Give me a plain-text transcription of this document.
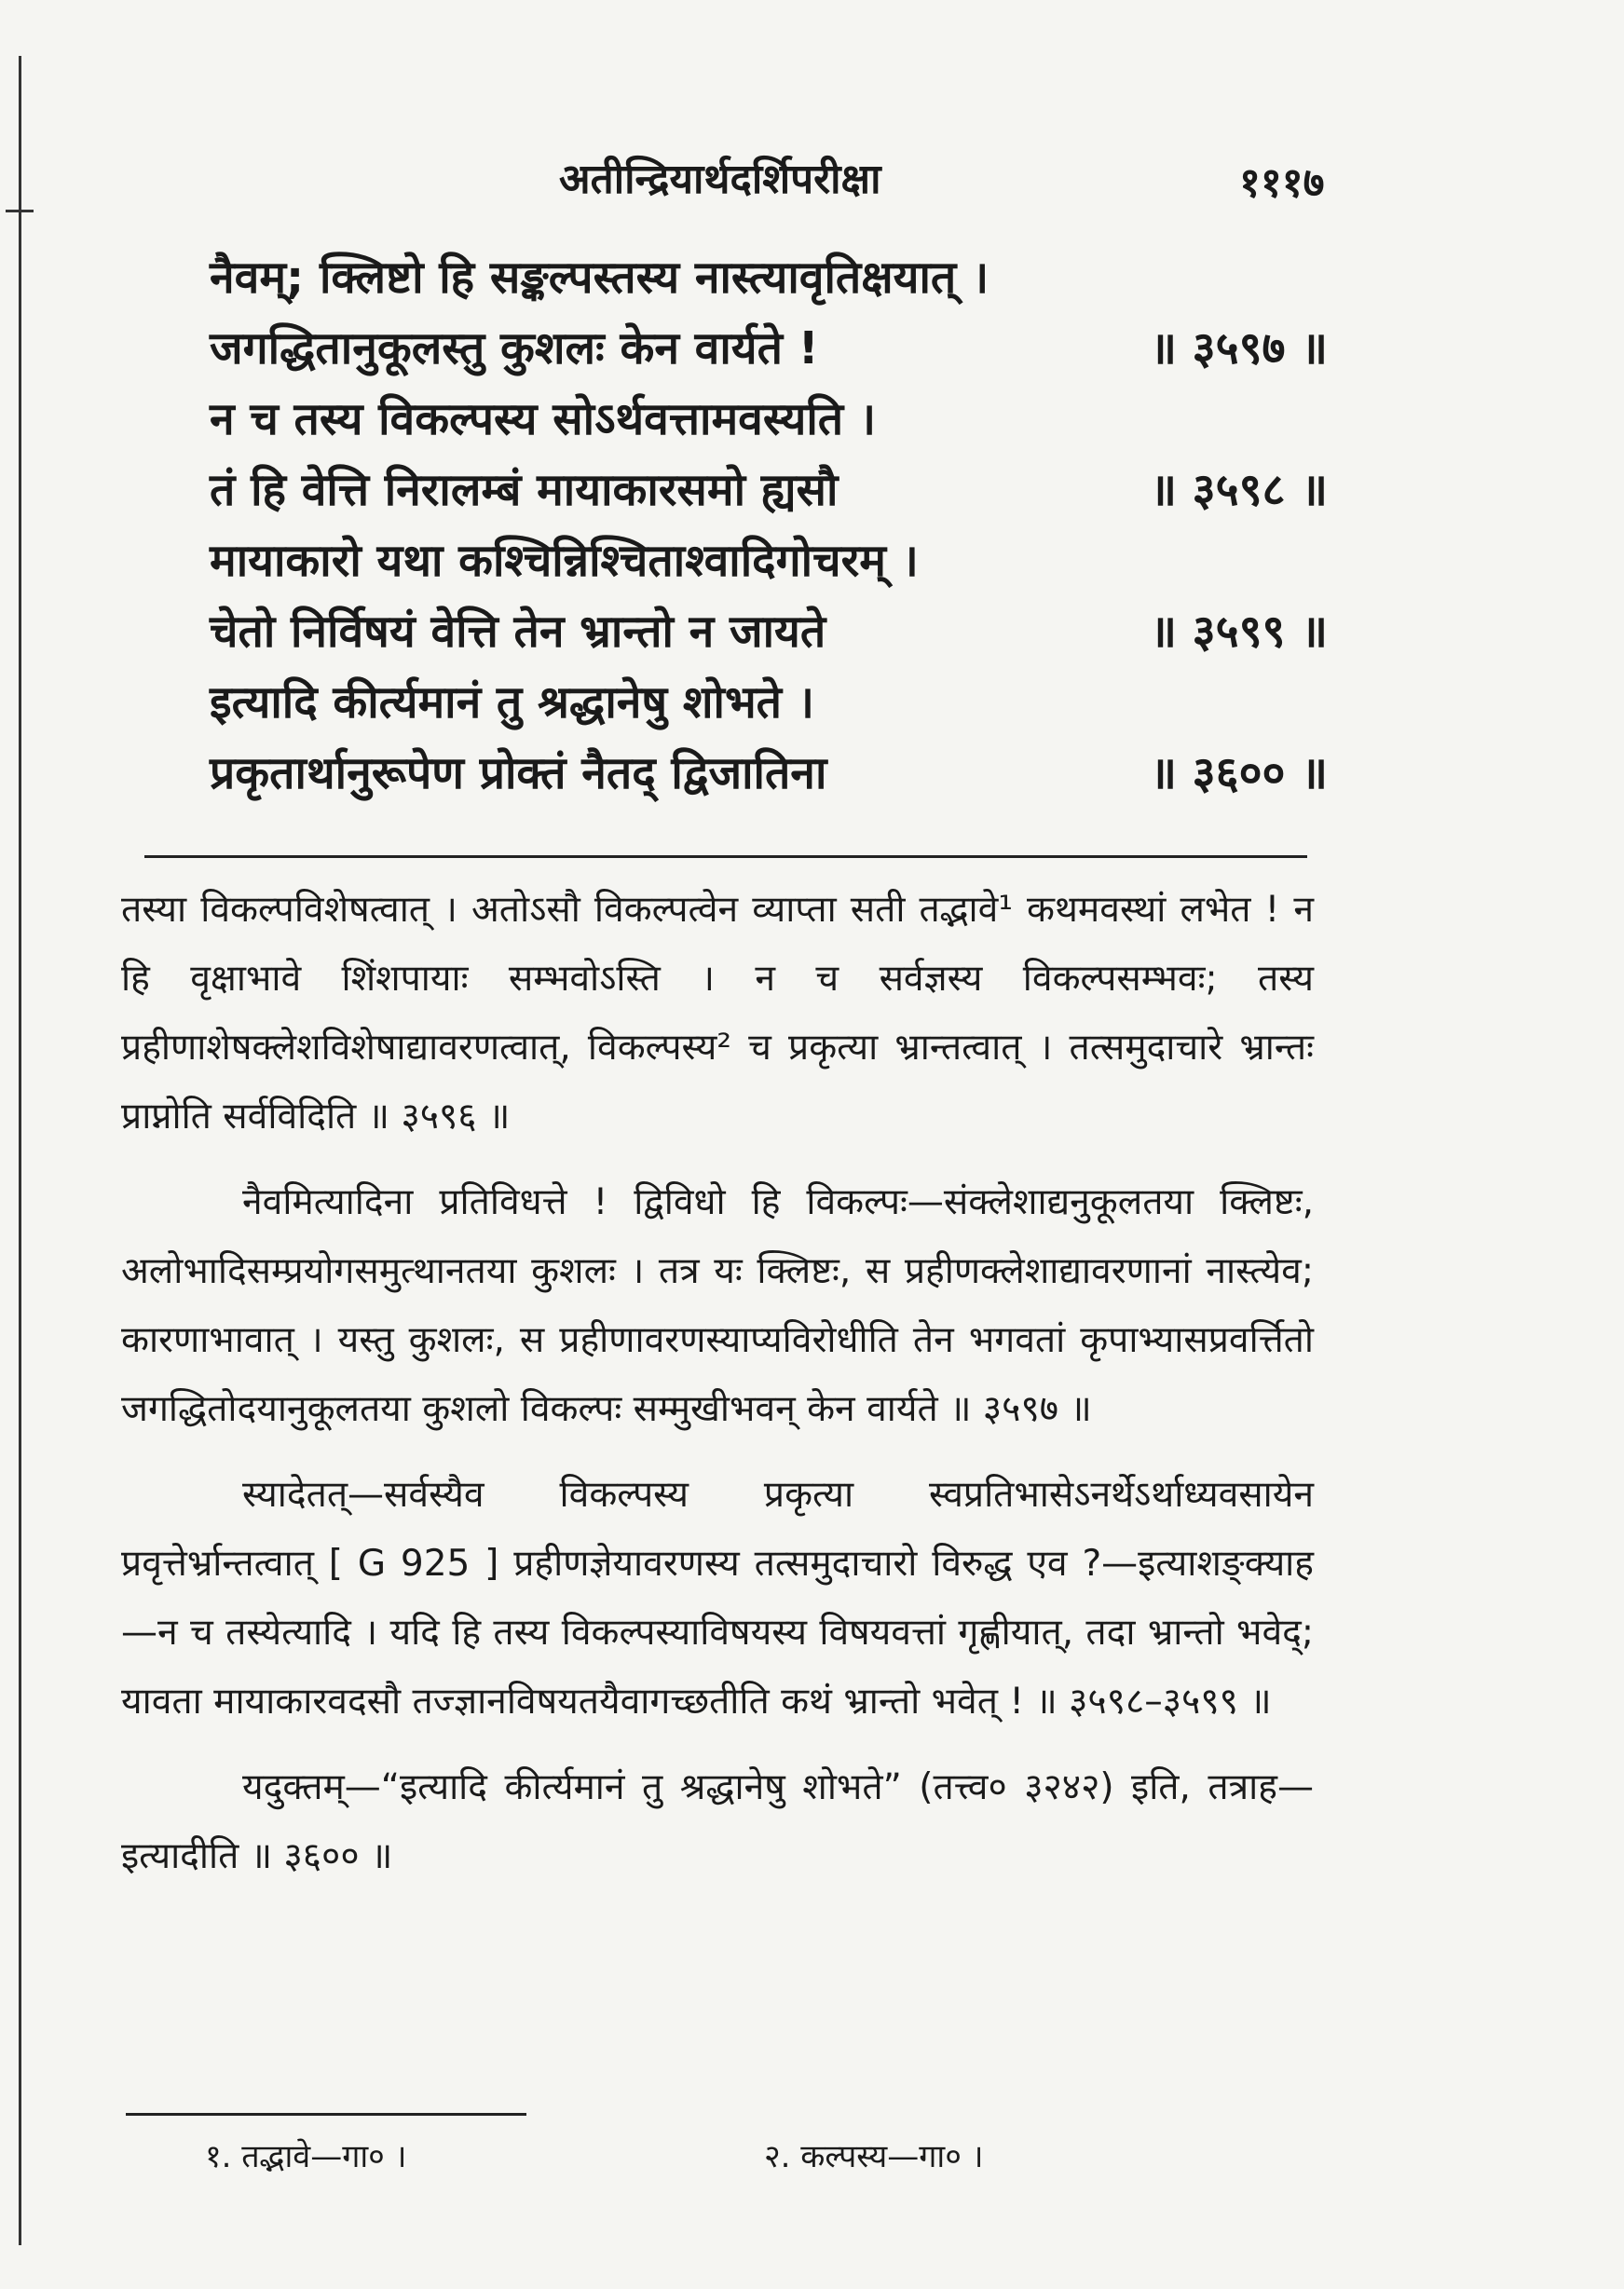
अतीन्द्रियार्थदर्शिपरीक्षा	१११७
नैवम्; क्लिष्टो हि सङ्कल्पस्तस्य नास्त्यावृतिक्षयात् ।
जगद्धितानुकूलस्तु कुशलः केन वार्यते !	॥ ३५९७ ॥
न च तस्य विकल्पस्य सोऽर्थवत्तामवस्यति ।
तं हि वेत्ति निरालम्बं मायाकारसमो ह्यसौ	॥ ३५९८ ॥
मायाकारो यथा कश्चिन्निश्चिताश्वादिगोचरम् ।
चेतो निर्विषयं वेत्ति तेन भ्रान्तो न जायते	॥ ३५९९ ॥
इत्यादि कीर्त्यमानं तु श्रद्धानेषु शोभते ।
प्रकृतार्थानुरूपेण प्रोक्तं नैतद् द्विजातिना	॥ ३६०० ॥

तस्या विकल्पविशेषत्वात् । अतोऽसौ विकल्पत्वेन व्याप्ता सती तद्भावे¹ कथमवस्थां लभेत ! न हि वृक्षाभावे शिंशपायाः सम्भवोऽस्ति । न च सर्वज्ञस्य विकल्पसम्भवः; तस्य प्रहीणाशेषक्लेशविशेषाद्यावरणत्वात्, विकल्पस्य² च प्रकृत्या भ्रान्तत्वात् । तत्समुदाचारे भ्रान्तः प्राप्नोति सर्वविदिति ॥ ३५९६ ॥

नैवमित्यादिना प्रतिविधत्ते ! द्विविधो हि विकल्पः—संक्लेशाद्यनुकूलतया क्लिष्टः, अलोभादिसम्प्रयोगसमुत्थानतया कुशलः । तत्र यः क्लिष्टः, स प्रहीणक्लेशाद्यावरणानां नास्त्येव; कारणाभावात् । यस्तु कुशलः, स प्रहीणावरणस्याप्यविरोधीति तेन भगवतां कृपाभ्यासप्रवर्त्तितो जगद्धितोदयानुकूलतया कुशलो विकल्पः सम्मुखीभवन् केन वार्यते ॥ ३५९७ ॥

स्यादेतत्—सर्वस्यैव विकल्पस्य प्रकृत्या स्वप्रतिभासेऽनर्थेऽर्थाध्यवसायेन प्रवृत्तेर्भ्रान्तत्वात् [ G 925 ] प्रहीणज्ञेयावरणस्य तत्समुदाचारो विरुद्ध एव ?—इत्याशङ्क्याह—न च तस्येत्यादि । यदि हि तस्य विकल्पस्याविषयस्य विषयवत्तां गृह्णीयात्, तदा भ्रान्तो भवेद्; यावता मायाकारवदसौ तज्ज्ञानविषयतयैवागच्छतीति कथं भ्रान्तो भवेत् ! ॥ ३५९८–३५९९ ॥

यदुक्तम्—“इत्यादि कीर्त्यमानं तु श्रद्धानेषु शोभते” (तत्त्व० ३२४२) इति, तत्राह—इत्यादीति ॥ ३६०० ॥

१. तद्भावे—गा० ।	२. कल्पस्य—गा० ।
